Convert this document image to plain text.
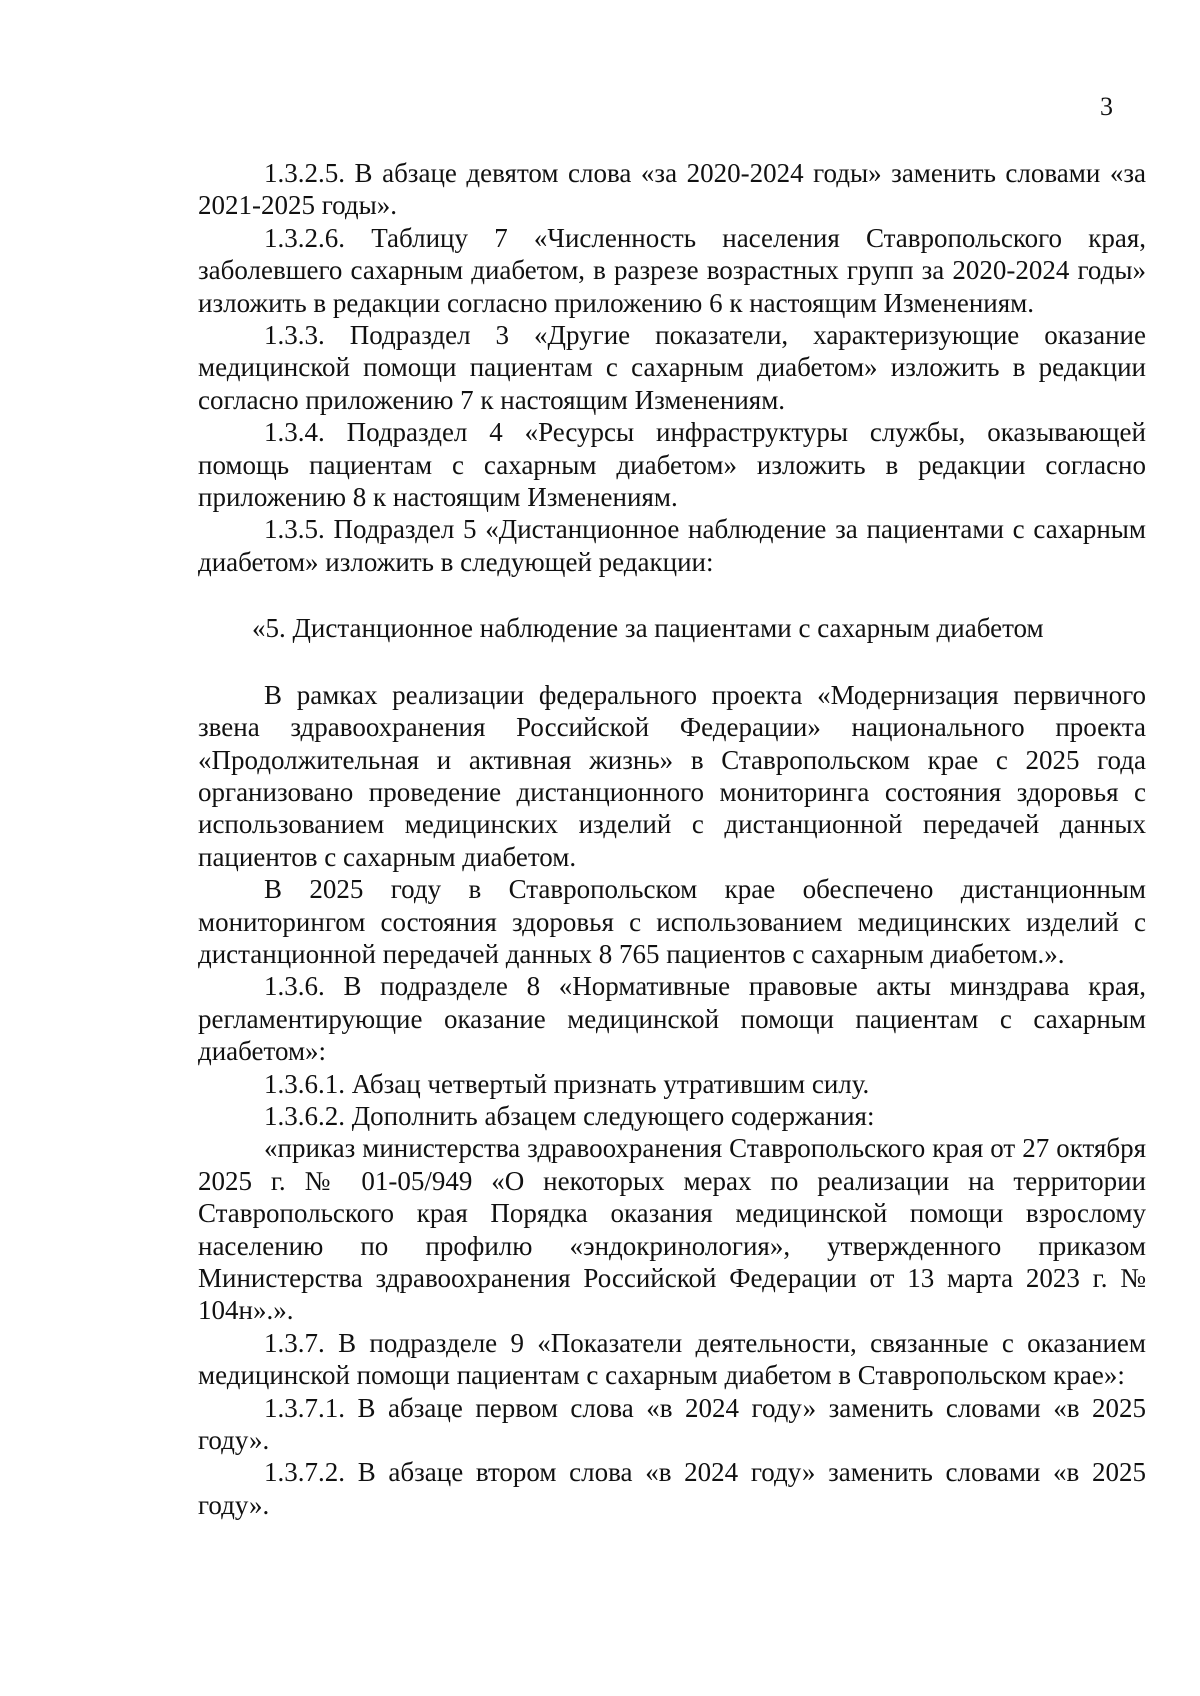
3

1.3.2.5. В абзаце девятом слова «за 2020-2024 годы» заменить словами «за 2021-2025 годы».

1.3.2.6. Таблицу 7 «Численность населения Ставропольского края, заболевшего сахарным диабетом, в разрезе возрастных групп за 2020-2024 годы» изложить в редакции согласно приложению 6 к настоящим Изменениям.

1.3.3. Подраздел 3 «Другие показатели, характеризующие оказание медицинской помощи пациентам с сахарным диабетом» изложить в редакции согласно приложению 7 к настоящим Изменениям.

1.3.4. Подраздел 4 «Ресурсы инфраструктуры службы, оказывающей помощь пациентам с сахарным диабетом» изложить в редакции согласно приложению 8 к настоящим Изменениям.

1.3.5. Подраздел 5 «Дистанционное наблюдение за пациентами с сахарным диабетом» изложить в следующей редакции:

«5. Дистанционное наблюдение за пациентами с сахарным диабетом

В рамках реализации федерального проекта «Модернизация первичного звена здравоохранения Российской Федерации» национального проекта «Продолжительная и активная жизнь» в Ставропольском крае с 2025 года организовано проведение дистанционного мониторинга состояния здоровья с использованием медицинских изделий с дистанционной передачей данных пациентов с сахарным диабетом.

В 2025 году в Ставропольском крае обеспечено дистанционным мониторингом состояния здоровья с использованием медицинских изделий с дистанционной передачей данных 8 765 пациентов с сахарным диабетом.».

1.3.6. В подразделе 8 «Нормативные правовые акты минздрава края, регламентирующие оказание медицинской помощи пациентам с сахарным диабетом»:

1.3.6.1. Абзац четвертый признать утратившим силу.

1.3.6.2. Дополнить абзацем следующего содержания:

«приказ министерства здравоохранения Ставропольского края от 27 октября 2025 г. № 01-05/949 «О некоторых мерах по реализации на территории Ставропольского края Порядка оказания медицинской помощи взрослому населению по профилю «эндокринология», утвержденного приказом Министерства здравоохранения Российской Федерации от 13 марта 2023 г. № 104н».».

1.3.7. В подразделе 9 «Показатели деятельности, связанные с оказанием медицинской помощи пациентам с сахарным диабетом в Ставропольском крае»:

1.3.7.1. В абзаце первом слова «в 2024 году» заменить словами «в 2025 году».

1.3.7.2. В абзаце втором слова «в 2024 году» заменить словами «в 2025 году».
